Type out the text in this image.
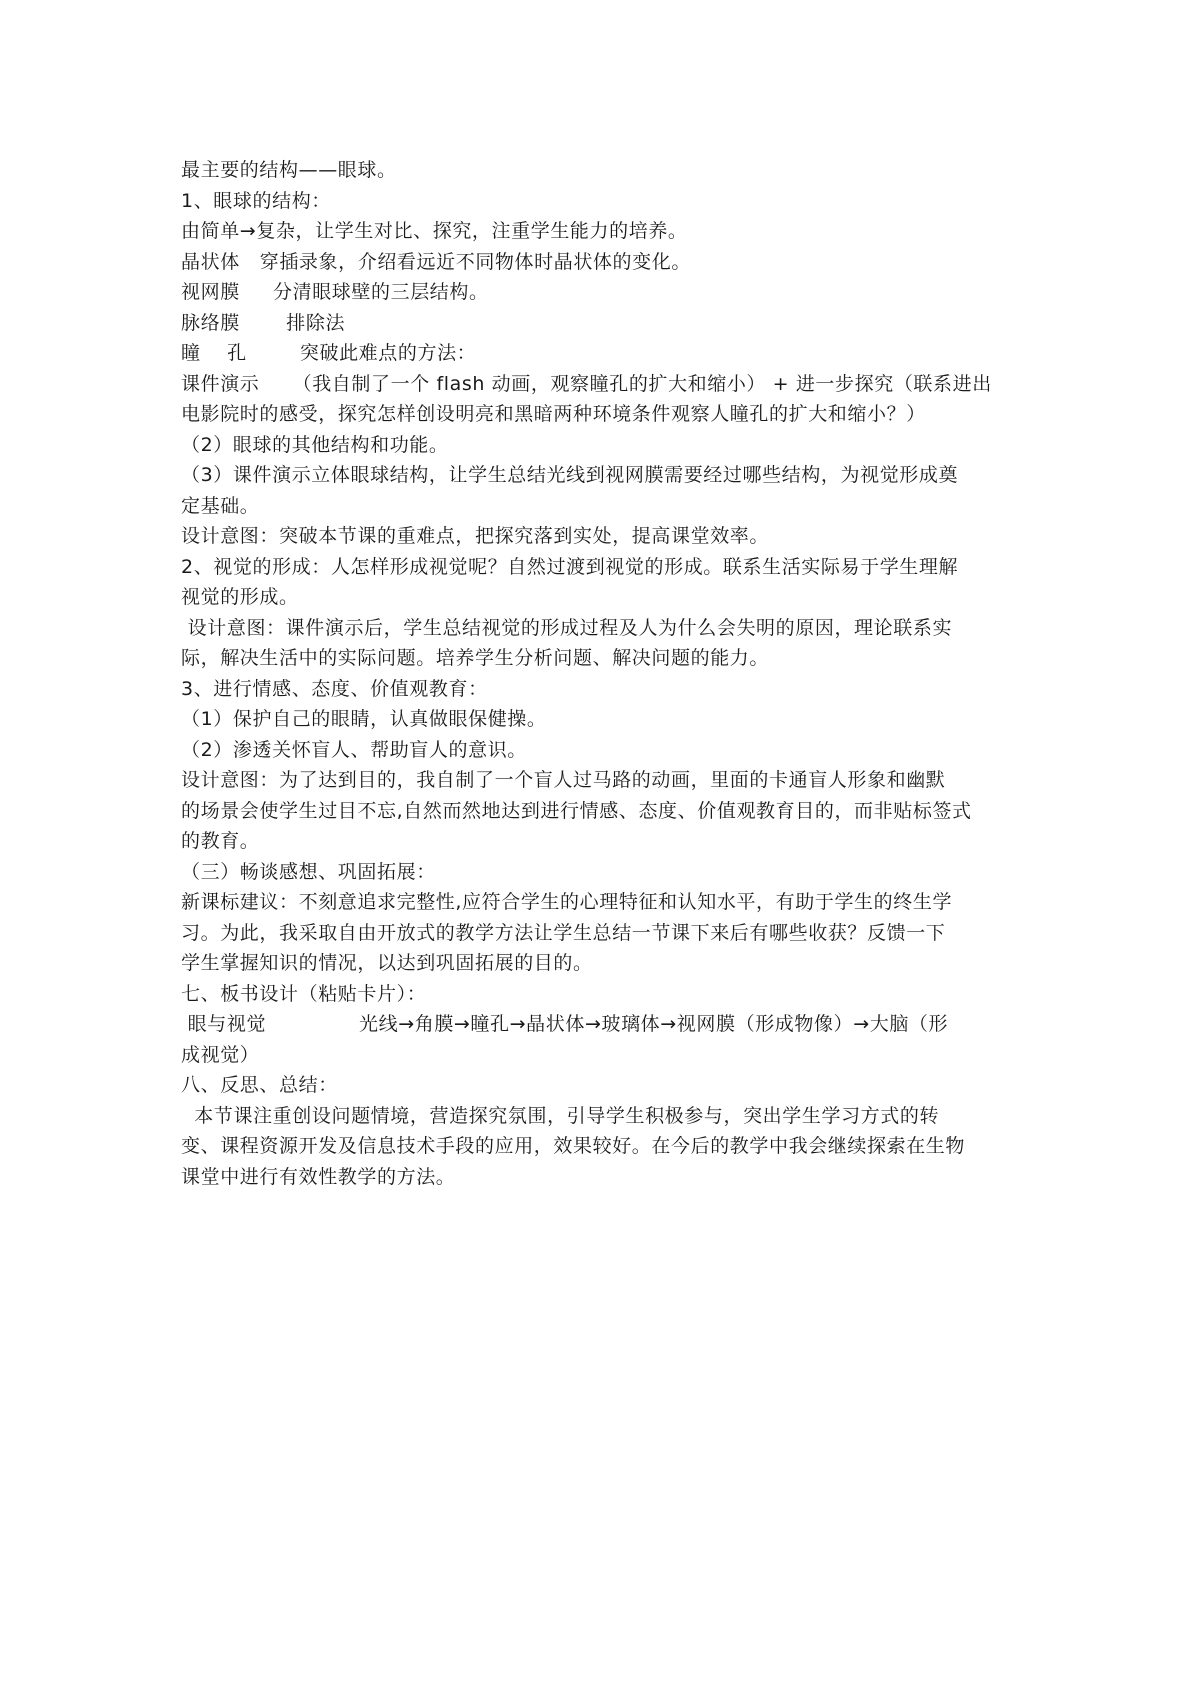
最主要的结构——眼球。
1、眼球的结构：
由简单→复杂，让学生对比、探究，注重学生能力的培养。
晶状体   穿插录象，介绍看远近不同物体时晶状体的变化。
视网膜     分清眼球壁的三层结构。
脉络膜       排除法
瞳    孔        突破此难点的方法：
课件演示     （我自制了一个 flash 动画，观察瞳孔的扩大和缩小） + 进一步探究（联系进出
电影院时的感受，探究怎样创设明亮和黑暗两种环境条件观察人瞳孔的扩大和缩小？）
（2）眼球的其他结构和功能。
（3）课件演示立体眼球结构，让学生总结光线到视网膜需要经过哪些结构，为视觉形成奠
定基础。
设计意图：突破本节课的重难点，把探究落到实处，提高课堂效率。
2、视觉的形成：人怎样形成视觉呢？自然过渡到视觉的形成。联系生活实际易于学生理解
视觉的形成。
设计意图：课件演示后，学生总结视觉的形成过程及人为什么会失明的原因，理论联系实
际，解决生活中的实际问题。培养学生分析问题、解决问题的能力。
3、进行情感、态度、价值观教育：
（1）保护自己的眼睛，认真做眼保健操。
（2）渗透关怀盲人、帮助盲人的意识。
设计意图：为了达到目的，我自制了一个盲人过马路的动画，里面的卡通盲人形象和幽默
的场景会使学生过目不忘,自然而然地达到进行情感、态度、价值观教育目的，而非贴标签式
的教育。
（三）畅谈感想、巩固拓展：
新课标建议：不刻意追求完整性,应符合学生的心理特征和认知水平，有助于学生的终生学
习。为此，我采取自由开放式的教学方法让学生总结一节课下来后有哪些收获？反馈一下
学生掌握知识的情况，以达到巩固拓展的目的。
七、板书设计（粘贴卡片）：
眼与视觉              光线→角膜→瞳孔→晶状体→玻璃体→视网膜（形成物像）→大脑（形
成视觉）
八、反思、总结：
本节课注重创设问题情境，营造探究氛围，引导学生积极参与，突出学生学习方式的转
变、课程资源开发及信息技术手段的应用，效果较好。在今后的教学中我会继续探索在生物
课堂中进行有效性教学的方法。
